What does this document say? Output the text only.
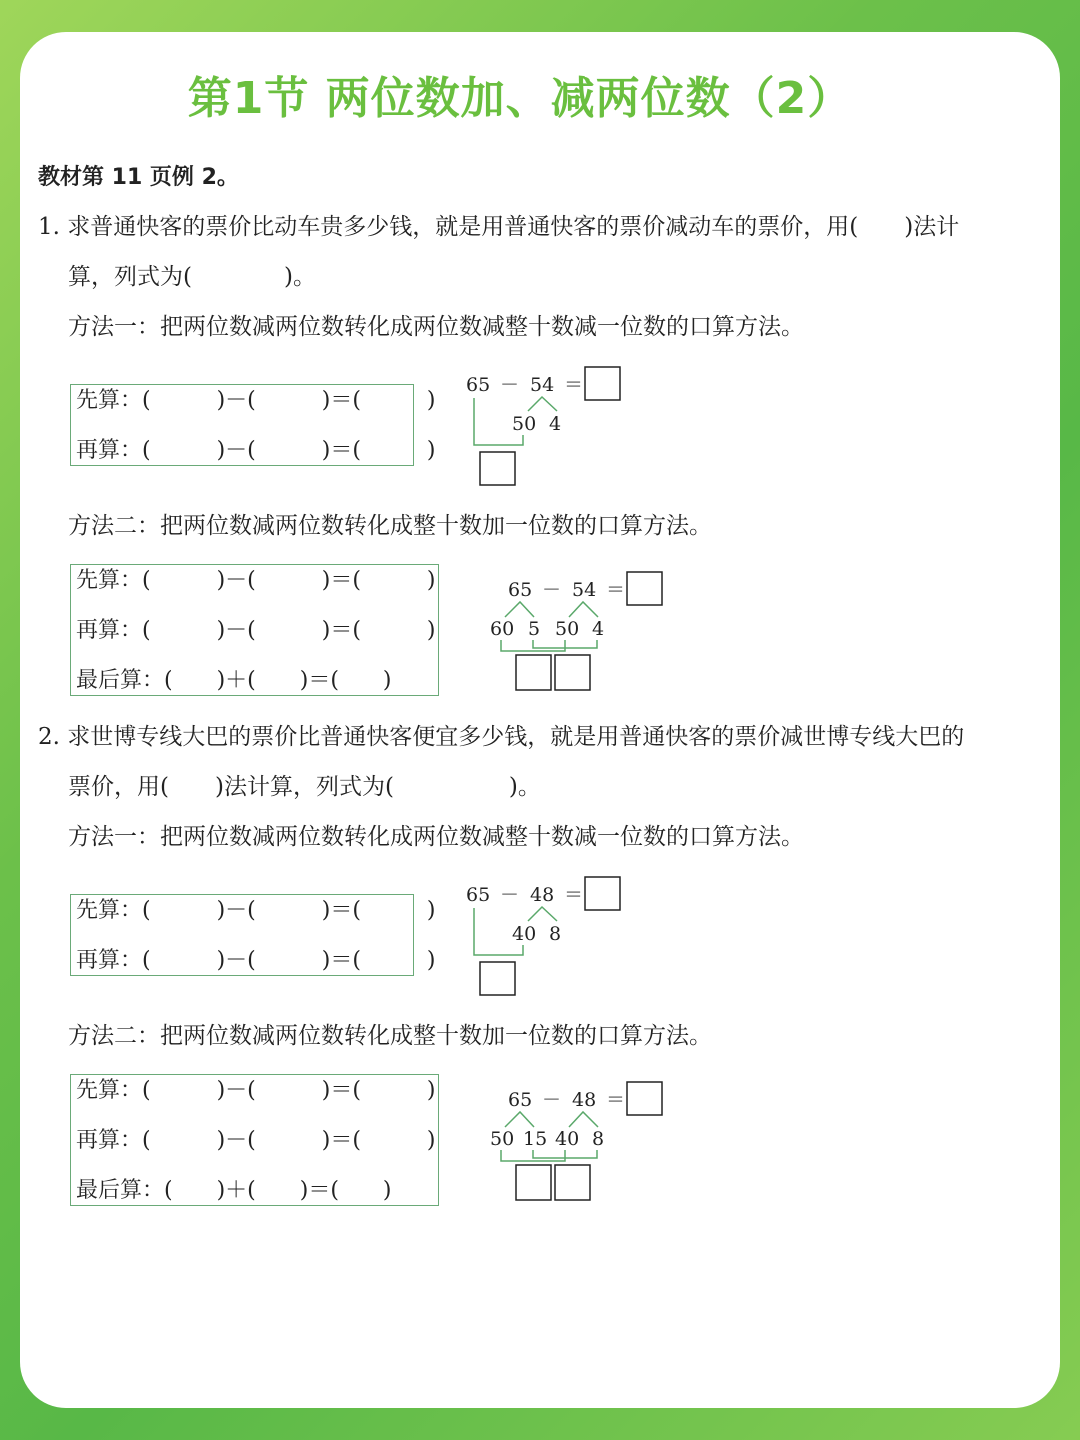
第1节 两位数加、减两位数（2）
教材第 11 页例 2。
1. 求普通快客的票价比动车贵多少钱，就是用普通快客的票价减动车的票价，用(　　)法计
算，列式为(　　　　)。
方法一：把两位数减两位数转化成两位数减整十数减一位数的口算方法。
先算：(　　　)－(　　　)＝(　　　)
再算：(　　　)－(　　　)＝(　　　)
65 － 54 ＝
50 4
方法二：把两位数减两位数转化成整十数加一位数的口算方法。
先算：(　　　)－(　　　)＝(　　　)
再算：(　　　)－(　　　)＝(　　　)
最后算：(　　)＋(　　)＝(　　)
65 － 54 ＝
60 5 50 4
2. 求世博专线大巴的票价比普通快客便宜多少钱，就是用普通快客的票价减世博专线大巴的
票价，用(　　)法计算，列式为(　　　　　)。
方法一：把两位数减两位数转化成两位数减整十数减一位数的口算方法。
先算：(　　　)－(　　　)＝(　　　)
再算：(　　　)－(　　　)＝(　　　)
65 － 48 ＝
40 8
方法二：把两位数减两位数转化成整十数加一位数的口算方法。
先算：(　　　)－(　　　)＝(　　　)
再算：(　　　)－(　　　)＝(　　　)
最后算：(　　)＋(　　)＝(　　)
65 － 48 ＝
50 15 40 8
